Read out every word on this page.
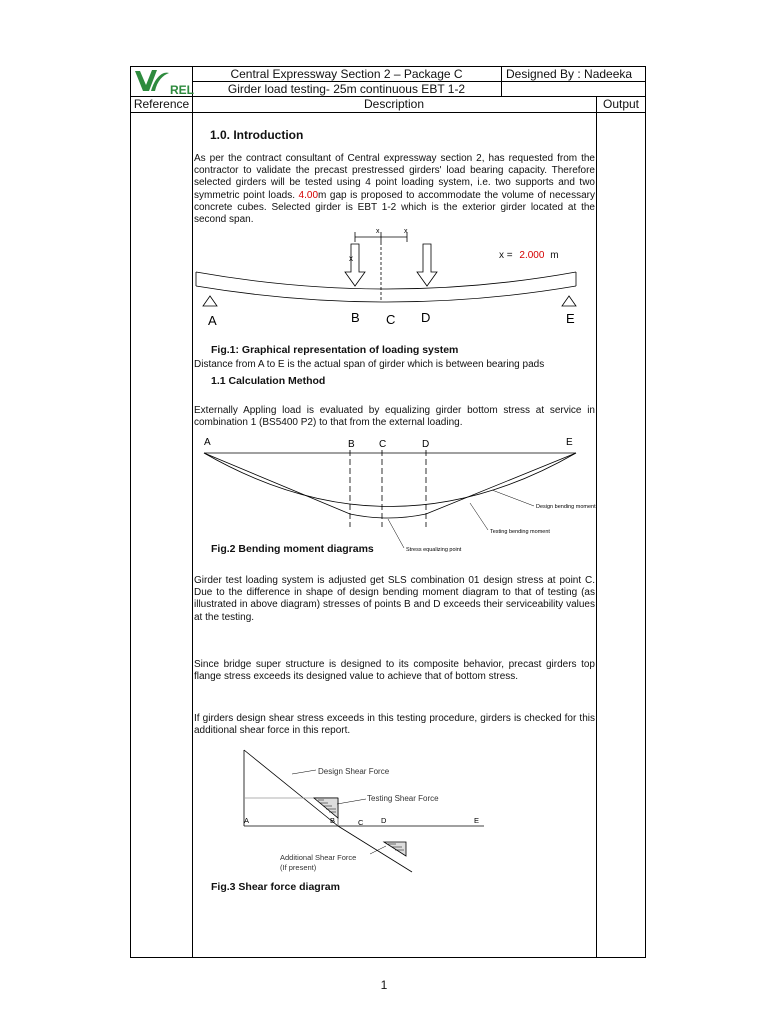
REL
Central Expressway Section 2 – Package C	Designed By : Nadeeka
Girder load testing- 25m continuous EBT 1-2
Reference	Description	Output
1.0. Introduction
As per the contract consultant of Central expressway section 2, has requested from the contractor to validate the precast prestressed girders' load bearing capacity. Therefore selected girders will be tested using 4 point loading system, i.e. two supports and two symmetric point loads. 4.00m gap is proposed to accommodate the volume of necessary concrete cubes. Selected girder is EBT 1-2 which is the exterior girder located at the second span.
x
x	x
A	B C D	E
x = 2.000 m
Fig.1: Graphical representation of loading system
Distance from A to E is the actual span of girder which is between bearing pads
1.1 Calculation Method
Externally Appling load is evaluated by equalizing girder bottom stress at service in combination 1 (BS5400 P2) to that from the external loading.
A	B C	D	E
Design bending moment
Testing bending moment
Stress equalizing point
Fig.2 Bending moment diagrams
Girder test loading system is adjusted get SLS combination 01 design stress at point C. Due to the difference in shape of design bending moment diagram to that of testing (as illustrated in above diagram) stresses of points B and D exceeds their serviceability values at the testing.
Since bridge super structure is designed to its composite behavior, precast girders top flange stress exceeds its designed value to achieve that of bottom stress.
If girders design shear stress exceeds in this testing procedure, girders is checked for this additional shear force in this report.
Design Shear Force
Testing Shear Force
A	B	C D	E
Additional Shear Force
(If present)
Fig.3 Shear force diagram
1
